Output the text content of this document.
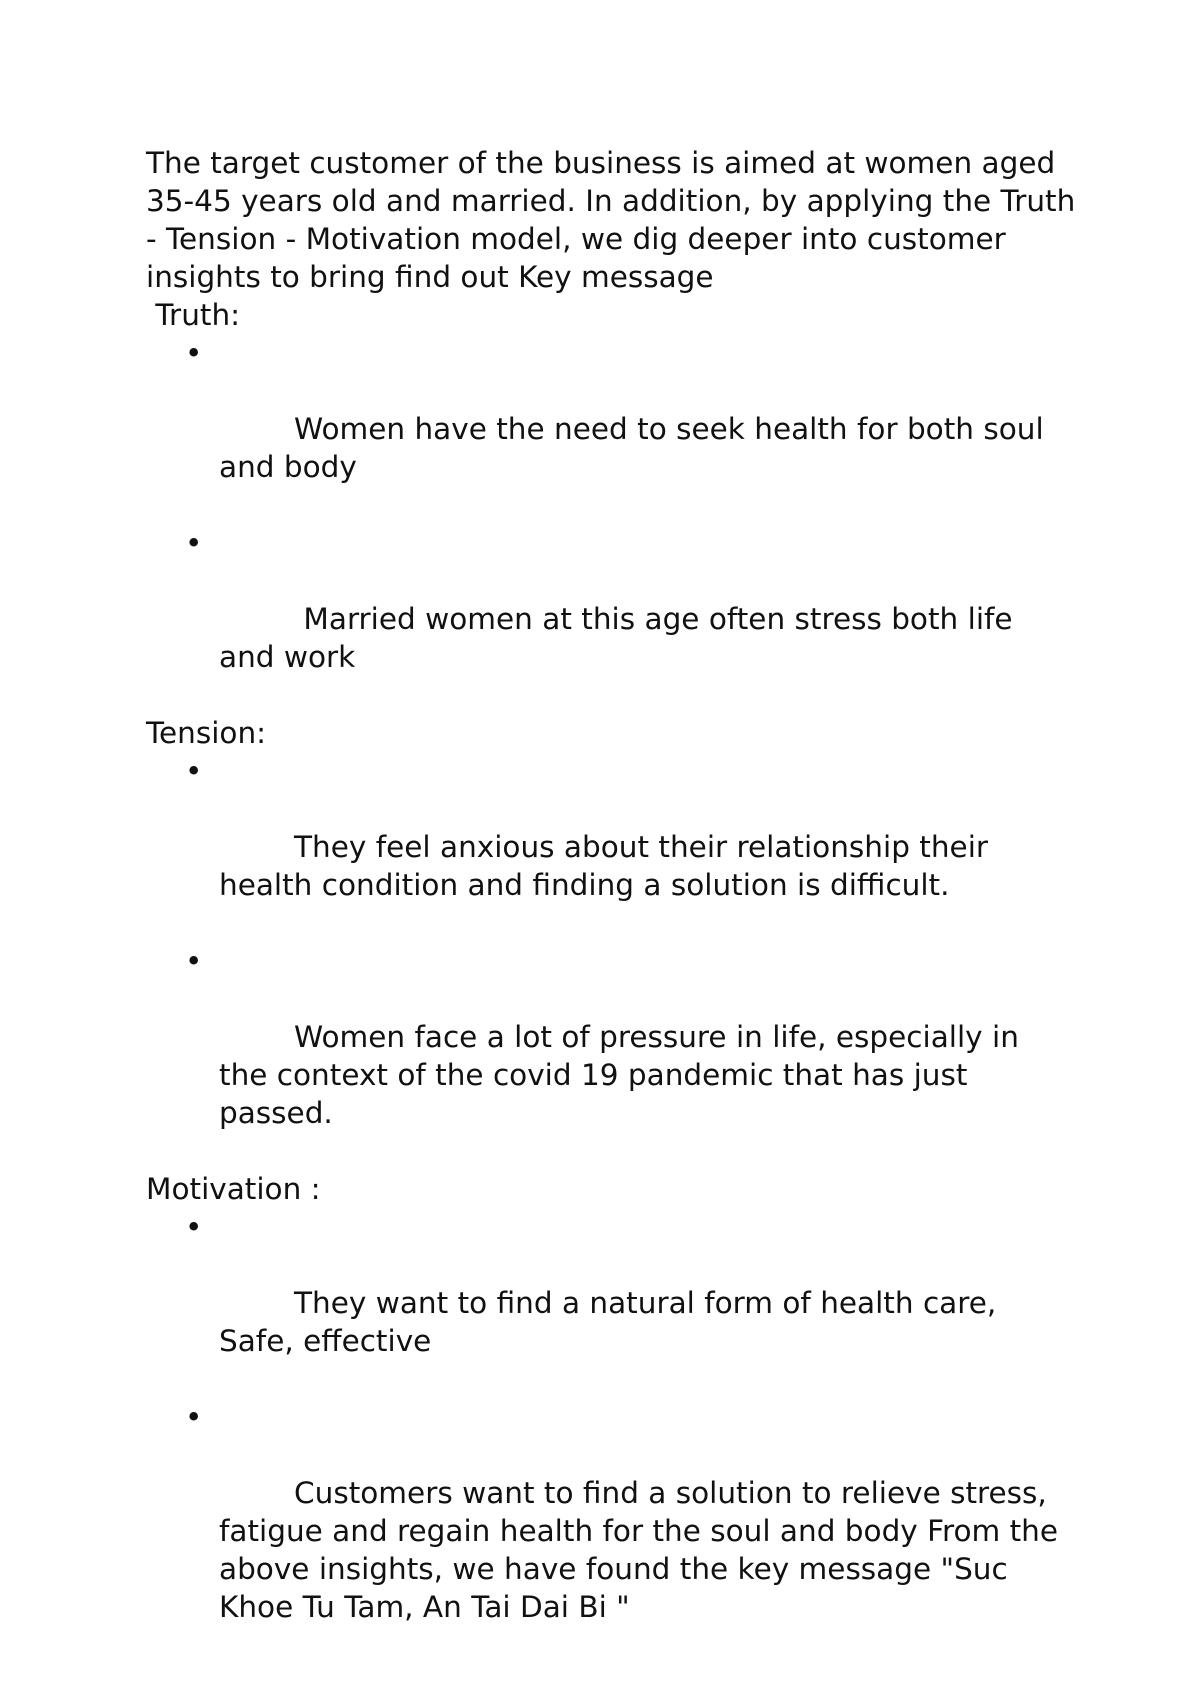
The target customer of the business is aimed at women aged 35-45 years old and married. In addition, by applying the Truth - Tension - Motivation model, we dig deeper into customer insights to bring find out Key message

Truth:

•

Women have the need to seek health for both soul and body

•

Married women at this age often stress both life and work

Tension:

•

They feel anxious about their relationship their health condition and finding a solution is difficult.

•

Women face a lot of pressure in life, especially in the context of the covid 19 pandemic that has just passed.

Motivation :

•

They want to find a natural form of health care, Safe, effective

•

Customers want to find a solution to relieve stress, fatigue and regain health for the soul and body From the above insights, we have found the key message "Suc Khoe Tu Tam, An Tai Dai Bi "
